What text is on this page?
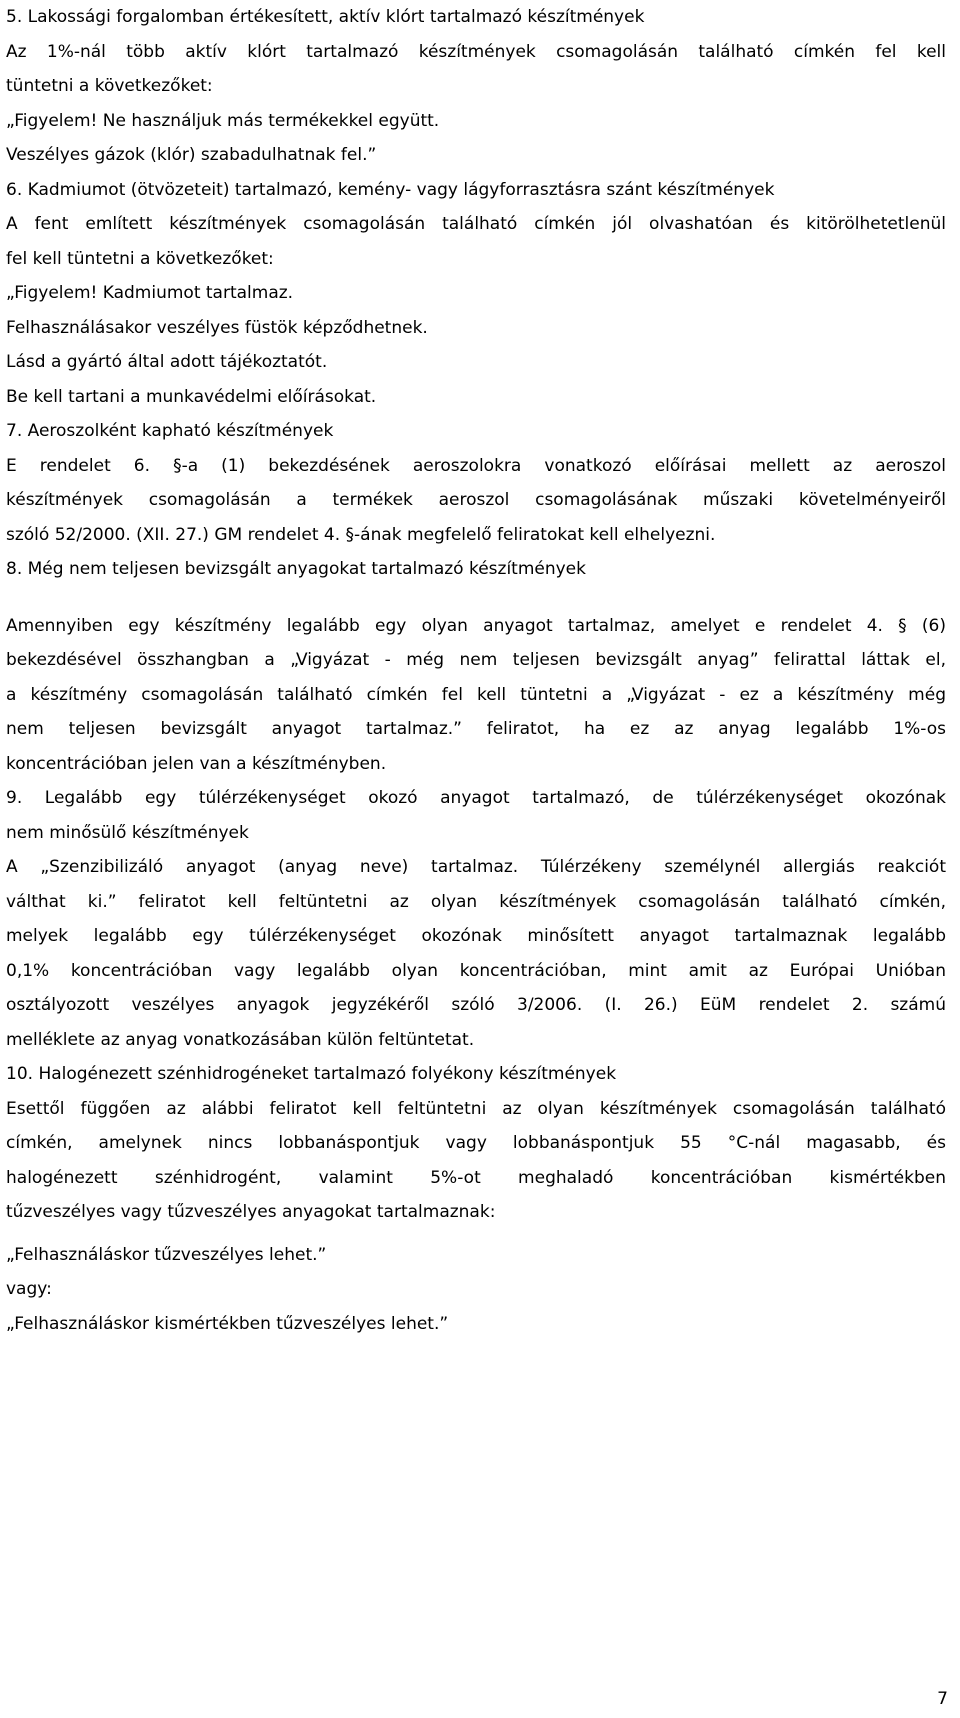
5. Lakossági forgalomban értékesített, aktív klórt tartalmazó készítmények
Az 1%-nál több aktív klórt tartalmazó készítmények csomagolásán található címkén fel kell
tüntetni a következőket:
„Figyelem! Ne használjuk más termékekkel együtt.
Veszélyes gázok (klór) szabadulhatnak fel.”
6. Kadmiumot (ötvözeteit) tartalmazó, kemény- vagy lágyforrasztásra szánt készítmények
A fent említett készítmények csomagolásán található címkén jól olvashatóan és kitörölhetetlenül
fel kell tüntetni a következőket:
„Figyelem! Kadmiumot tartalmaz.
Felhasználásakor veszélyes füstök képződhetnek.
Lásd a gyártó által adott tájékoztatót.
Be kell tartani a munkavédelmi előírásokat.
7. Aeroszolként kapható készítmények
E rendelet 6. §-a (1) bekezdésének aeroszolokra vonatkozó előírásai mellett az aeroszol
készítmények csomagolásán a termékek aeroszol csomagolásának műszaki követelményeiről
szóló 52/2000. (XII. 27.) GM rendelet 4. §-ának megfelelő feliratokat kell elhelyezni.
8. Még nem teljesen bevizsgált anyagokat tartalmazó készítmények
Amennyiben egy készítmény legalább egy olyan anyagot tartalmaz, amelyet e rendelet 4. § (6)
bekezdésével összhangban a „Vigyázat - még nem teljesen bevizsgált anyag” felirattal láttak el,
a készítmény csomagolásán található címkén fel kell tüntetni a „Vigyázat - ez a készítmény még
nem teljesen bevizsgált anyagot tartalmaz.” feliratot, ha ez az anyag legalább 1%-os
koncentrációban jelen van a készítményben.
9. Legalább egy túlérzékenységet okozó anyagot tartalmazó, de túlérzékenységet okozónak
nem minősülő készítmények
A „Szenzibilizáló anyagot (anyag neve) tartalmaz. Túlérzékeny személynél allergiás reakciót
válthat ki.” feliratot kell feltüntetni az olyan készítmények csomagolásán található címkén,
melyek legalább egy túlérzékenységet okozónak minősített anyagot tartalmaznak legalább
0,1% koncentrációban vagy legalább olyan koncentrációban, mint amit az Európai Unióban
osztályozott veszélyes anyagok jegyzékéről szóló 3/2006. (I. 26.) EüM rendelet 2. számú
melléklete az anyag vonatkozásában külön feltüntetat.
10. Halogénezett szénhidrogéneket tartalmazó folyékony készítmények
Esettől függően az alábbi feliratot kell feltüntetni az olyan készítmények csomagolásán található
címkén, amelynek nincs lobbanáspontjuk vagy lobbanáspontjuk 55 °C-nál magasabb, és
halogénezett szénhidrogént, valamint 5%-ot meghaladó koncentrációban kismértékben
tűzveszélyes vagy tűzveszélyes anyagokat tartalmaznak:
„Felhasználáskor tűzveszélyes lehet.”
vagy:
„Felhasználáskor kismértékben tűzveszélyes lehet.”
7
